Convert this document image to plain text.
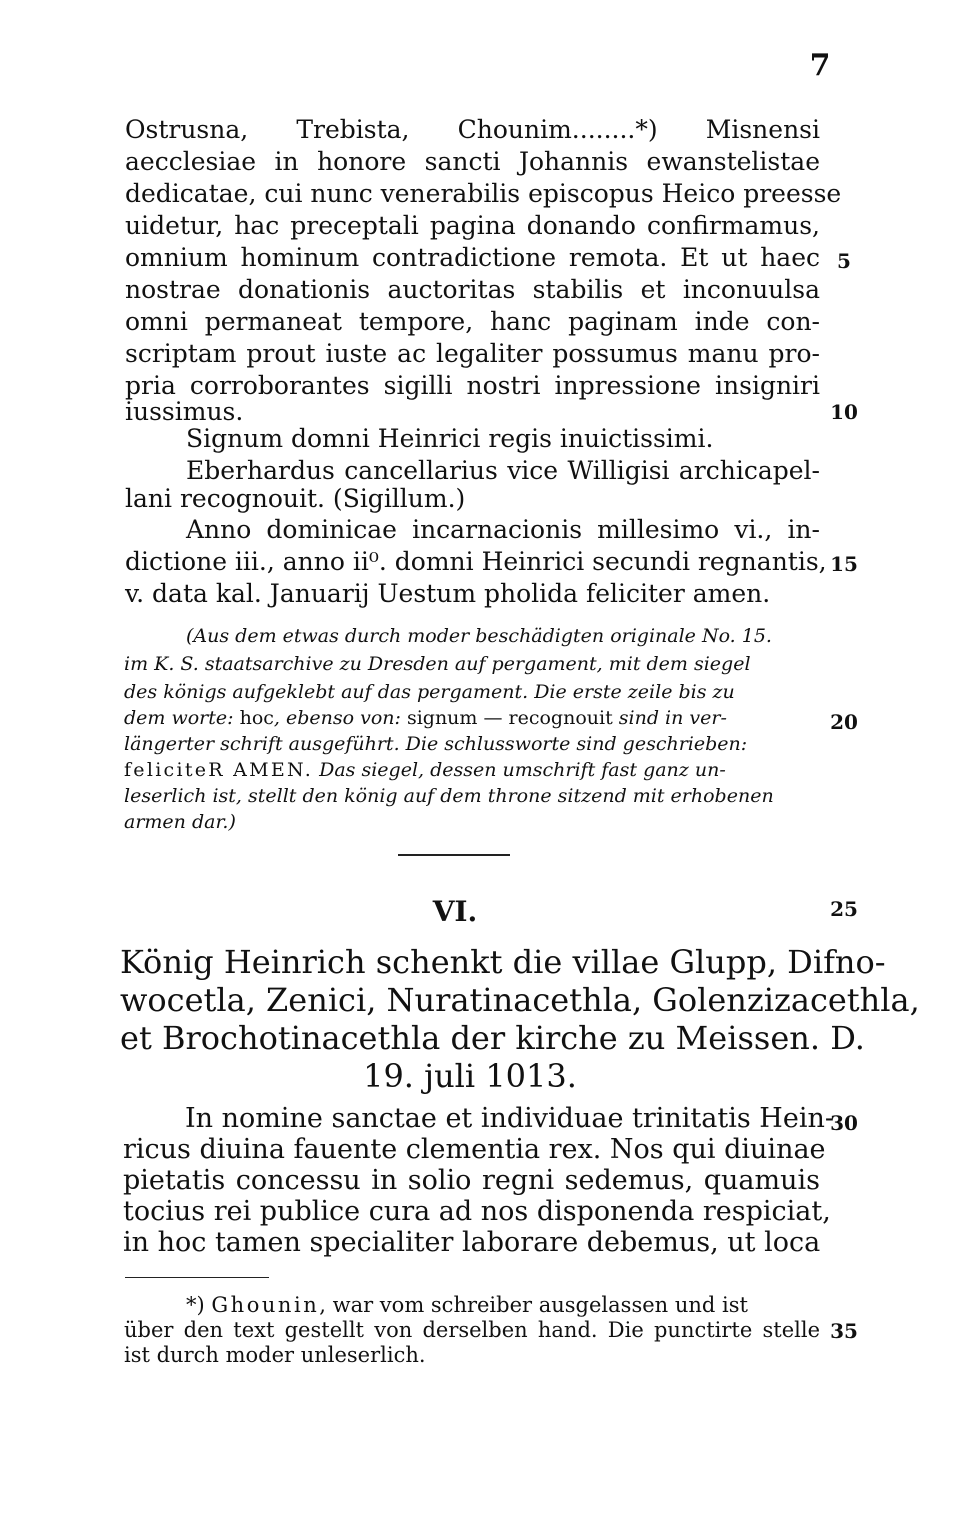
7
Ostrusna, Trebista, Chounim........*) Misnensi
aecclesiae in honore sancti Johannis ewanstelistae
dedicatae, cui nunc venerabilis episcopus Heico preesse
uidetur, hac preceptali pagina donando confirmamus,
omnium hominum contradictione remota. Et ut haec
nostrae donationis auctoritas stabilis et inconuulsa
omni permaneat tempore, hanc paginam inde con-
scriptam prout iuste ac legaliter possumus manu pro-
pria corroborantes sigilli nostri inpressione insigniri
iussimus.
Signum domni Heinrici regis inuictissimi.
Eberhardus cancellarius vice Willigisi archicapel-
lani recognouit. (Sigillum.)
Anno dominicae incarnacionis millesimo vi., in-
dictione iii., anno ii⁰. domni Heinrici secundi regnantis,
v. data kal. Januarij Uestum pholida feliciter amen.
(Aus dem etwas durch moder beschädigten originale No. 15.
im K. S. staatsarchive zu Dresden auf pergament, mit dem siegel
des königs aufgeklebt auf das pergament. Die erste zeile bis zu
dem worte: hoc, ebenso von: signum — recognouit sind in ver-
längerter schrift ausgeführt. Die schlussworte sind geschrieben:
feliciteR AMEN. Das siegel, dessen umschrift fast ganz un-
leserlich ist, stellt den könig auf dem throne sitzend mit erhobenen
armen dar.)
VI.
König Heinrich schenkt die villae Glupp, Difno-
wocetla, Zenici, Nuratinacethla, Golenzizacethla,
et Brochotinacethla der kirche zu Meissen. D.
19. juli 1013.
In nomine sanctae et individuae trinitatis Hein-
ricus diuina fauente clementia rex. Nos qui diuinae
pietatis concessu in solio regni sedemus, quamuis
tocius rei publice cura ad nos disponenda respiciat,
in hoc tamen specialiter laborare debemus, ut loca
*) Ghounin, war vom schreiber ausgelassen und ist
über den text gestellt von derselben hand. Die punctirte stelle
ist durch moder unleserlich.
5
10
15
20
25
30
35
